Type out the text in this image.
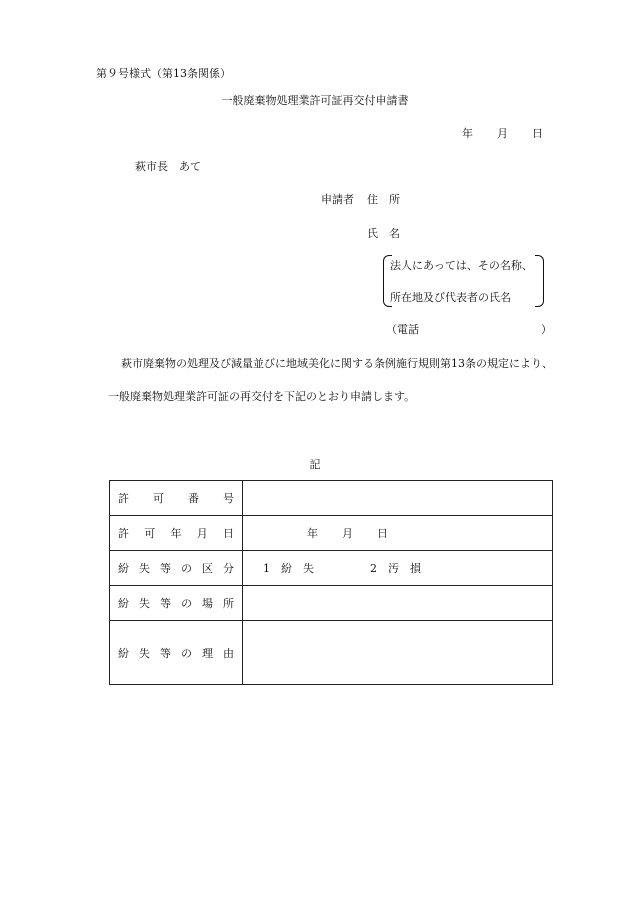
第９号様式（第13条関係）
一般廃棄物処理業許可証再交付申請書
年 月 日
萩市長　あて
申請者 住　所
氏　名
法人にあっては、その名称、
所在地及び代表者の氏名
（電話	）
萩市廃棄物の処理及び減量並びに地域美化に関する条例施行規則第13条の規定により、
一般廃棄物処理業許可証の再交付を下記のとおり申請します。
記
許可番号	
許可年月日	年 月 日
紛失等の区分	1　紛　失 2　汚　損
紛失等の場所	
紛失等の理由	
